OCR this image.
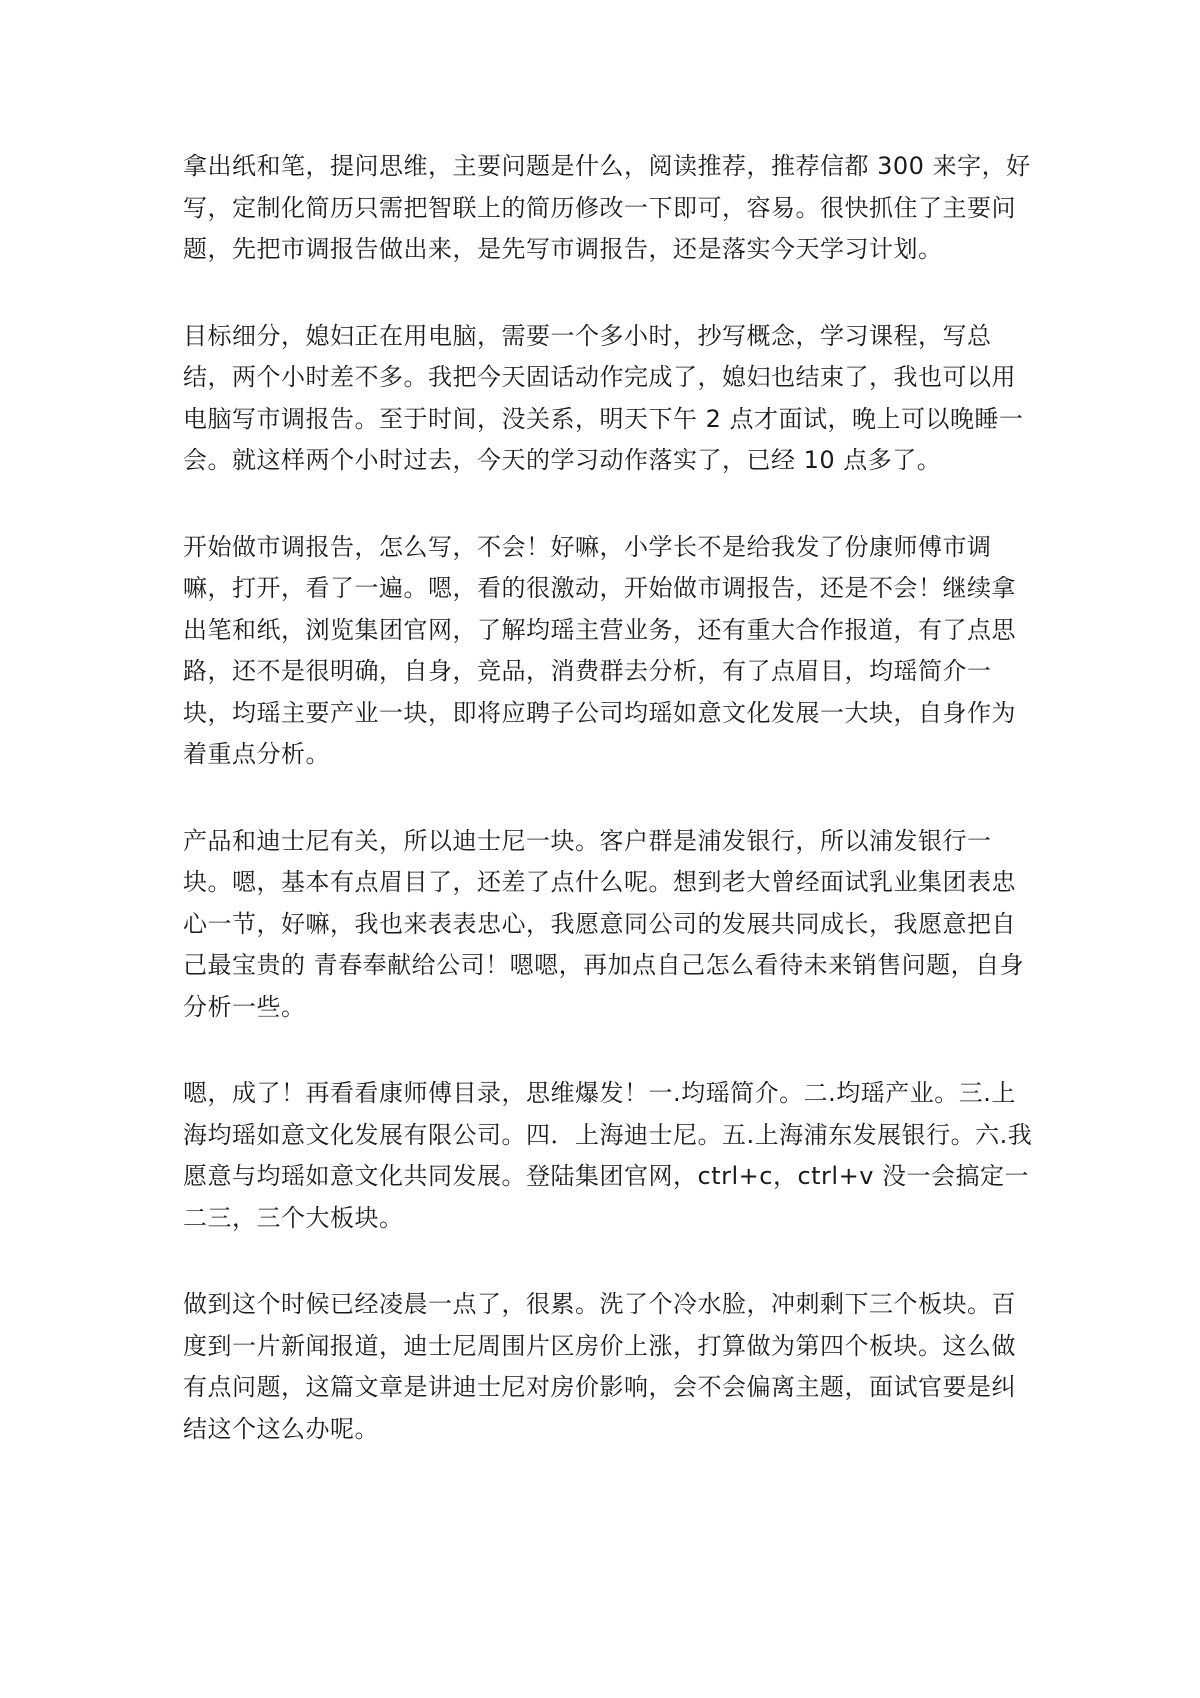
拿出纸和笔，提问思维，主要问题是什么，阅读推荐，推荐信都 300 来字，好写，定制化简历只需把智联上的简历修改一下即可，容易。很快抓住了主要问题，先把市调报告做出来，是先写市调报告，还是落实今天学习计划。

目标细分，媳妇正在用电脑，需要一个多小时，抄写概念，学习课程，写总结，两个小时差不多。我把今天固话动作完成了，媳妇也结束了，我也可以用电脑写市调报告。至于时间，没关系，明天下午 2 点才面试，晚上可以晚睡一会。就这样两个小时过去，今天的学习动作落实了，已经 10 点多了。

开始做市调报告，怎么写，不会！好嘛，小学长不是给我发了份康师傅市调嘛，打开，看了一遍。嗯，看的很激动，开始做市调报告，还是不会！继续拿出笔和纸，浏览集团官网，了解均瑶主营业务，还有重大合作报道，有了点思路，还不是很明确，自身，竞品，消费群去分析，有了点眉目，均瑶简介一块，均瑶主要产业一块，即将应聘子公司均瑶如意文化发展一大块，自身作为着重点分析。

产品和迪士尼有关，所以迪士尼一块。客户群是浦发银行，所以浦发银行一块。嗯，基本有点眉目了，还差了点什么呢。想到老大曾经面试乳业集团表忠心一节，好嘛，我也来表表忠心，我愿意同公司的发展共同成长，我愿意把自己最宝贵的 青春奉献给公司！嗯嗯，再加点自己怎么看待未来销售问题，自身分析一些。

嗯，成了！再看看康师傅目录，思维爆发！一.均瑶简介。二.均瑶产业。三.上海均瑶如意文化发展有限公司。四．上海迪士尼。五.上海浦东发展银行。六.我愿意与均瑶如意文化共同发展。登陆集团官网，ctrl+c，ctrl+v 没一会搞定一二三，三个大板块。

做到这个时候已经凌晨一点了，很累。洗了个冷水脸，冲刺剩下三个板块。百度到一片新闻报道，迪士尼周围片区房价上涨，打算做为第四个板块。这么做有点问题，这篇文章是讲迪士尼对房价影响，会不会偏离主题，面试官要是纠结这个这么办呢。
